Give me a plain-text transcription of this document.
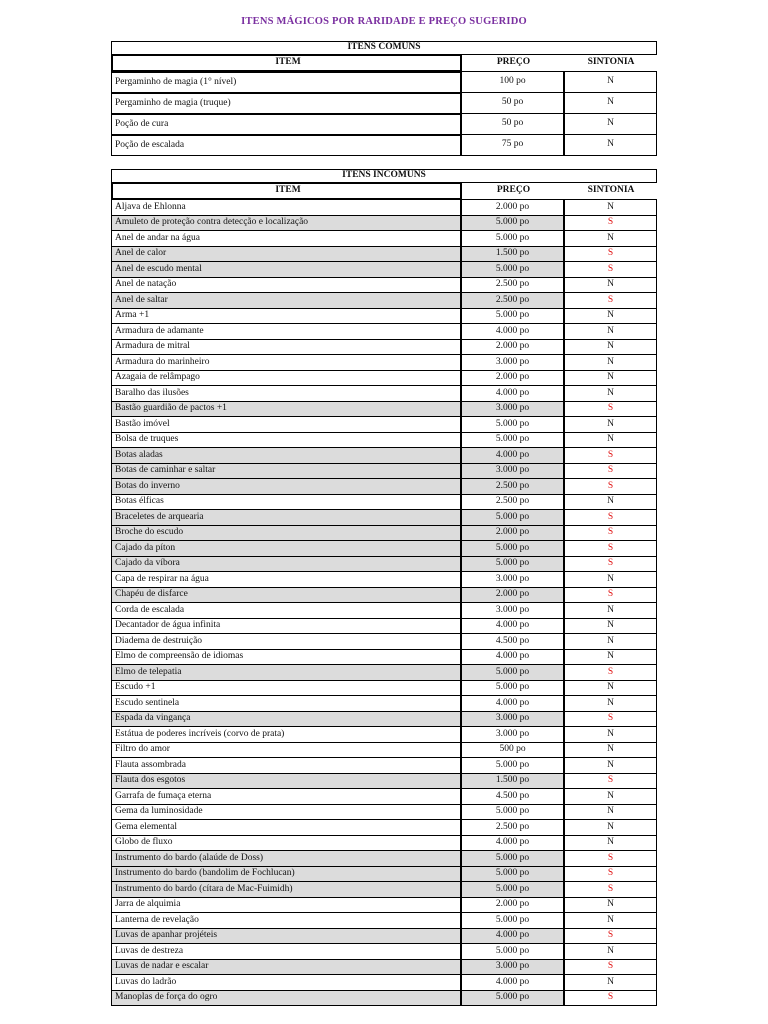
ITENS MÁGICOS POR RARIDADE E PREÇO SUGERIDO
ITENS COMUNS		
ITEM	PREÇO	SINTONIA
Pergaminho de magia (1° nível)	100 po	N
Pergaminho de magia (truque)	50 po	N
Poção de cura	50 po	N
Poção de escalada	75 po	N
ITENS INCOMUNS		
ITEM	PREÇO	SINTONIA
Aljava de Ehlonna	2.000 po	N
Amuleto de proteção contra detecção e localização	5.000 po	S
Anel de andar na água	5.000 po	N
Anel de calor	1.500 po	S
Anel de escudo mental	5.000 po	S
Anel de natação	2.500 po	N
Anel de saltar	2.500 po	S
Arma +1	5.000 po	N
Armadura de adamante	4.000 po	N
Armadura de mitral	2.000 po	N
Armadura do marinheiro	3.000 po	N
Azagaia de relâmpago	2.000 po	N
Baralho das ilusões	4.000 po	N
Bastão guardião de pactos +1	3.000 po	S
Bastão imóvel	5.000 po	N
Bolsa de truques	5.000 po	N
Botas aladas	4.000 po	S
Botas de caminhar e saltar	3.000 po	S
Botas do inverno	2.500 po	S
Botas élficas	2.500 po	N
Braceletes de arquearia	5.000 po	S
Broche do escudo	2.000 po	S
Cajado da píton	5.000 po	S
Cajado da víbora	5.000 po	S
Capa de respirar na água	3.000 po	N
Chapéu de disfarce	2.000 po	S
Corda de escalada	3.000 po	N
Decantador de água infinita	4.000 po	N
Diadema de destruição	4.500 po	N
Elmo de compreensão de idiomas	4.000 po	N
Elmo de telepatia	5.000 po	S
Escudo +1	5.000 po	N
Escudo sentinela	4.000 po	N
Espada da vingança	3.000 po	S
Estátua de poderes incríveis (corvo de prata)	3.000 po	N
Filtro do amor	500 po	N
Flauta assombrada	5.000 po	N
Flauta dos esgotos	1.500 po	S
Garrafa de fumaça eterna	4.500 po	N
Gema da luminosidade	5.000 po	N
Gema elemental	2.500 po	N
Globo de fluxo	4.000 po	N
Instrumento do bardo (alaúde de Doss)	5.000 po	S
Instrumento do bardo (bandolim de Fochlucan)	5.000 po	S
Instrumento do bardo (cítara de Mac-Fuimidh)	5.000 po	S
Jarra de alquimia	2.000 po	N
Lanterna de revelação	5.000 po	N
Luvas de apanhar projéteis	4.000 po	S
Luvas de destreza	5.000 po	N
Luvas de nadar e escalar	3.000 po	S
Luvas do ladrão	4.000 po	N
Manoplas de força do ogro	5.000 po	S
